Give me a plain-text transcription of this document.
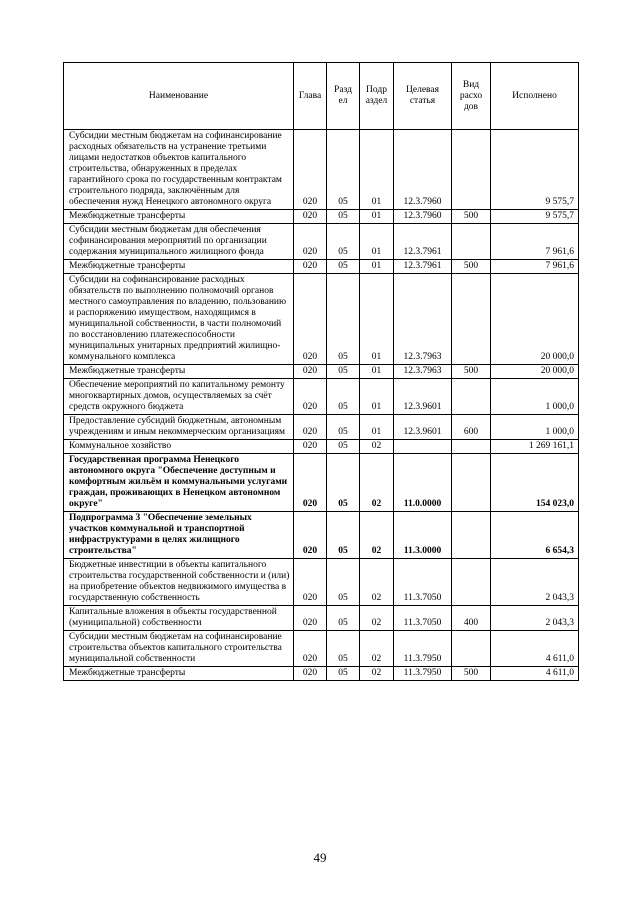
Наименование	Глава	Разд ел	Подр аздел	Целевая статья	Вид расхо дов	Исполнено
Субсидии местным бюджетам на софинансирование расходных обязательств на устранение третьими лицами недостатков объектов капитального строительства, обнаруженных в пределах гарантийного срока по государственным контрактам строительного подряда, заключённым для обеспечения нужд Ненецкого автономного округа	020	05	01	12.3.7960		9 575,7
Межбюджетные трансферты	020	05	01	12.3.7960	500	9 575,7
Субсидии местным бюджетам для обеспечения софинансирования мероприятий по организации содержания муниципального жилищного фонда	020	05	01	12.3.7961		7 961,6
Межбюджетные трансферты	020	05	01	12.3.7961	500	7 961,6
Субсидии на софинансирование расходных обязательств по выполнению полномочий органов местного самоуправления по владению, пользованию и распоряжению имуществом, находящимся в муниципальной собственности, в части полномочий по восстановлению платежеспособности муниципальных унитарных предприятий жилищно-коммунального комплекса	020	05	01	12.3.7963		20 000,0
Межбюджетные трансферты	020	05	01	12.3.7963	500	20 000,0
Обеспечение мероприятий по капитальному ремонту многоквартирных домов, осуществляемых за счёт средств окружного бюджета	020	05	01	12.3.9601		1 000,0
Предоставление субсидий бюджетным, автономным учреждениям и иным некоммерческим организациям	020	05	01	12.3.9601	600	1 000,0
Коммунальное хозяйство	020	05	02			1 269 161,1
Государственная программа Ненецкого автономного округа "Обеспечение доступным и комфортным жильём и коммунальными услугами граждан, проживающих в Ненецком автономном округе"	020	05	02	11.0.0000		154 023,0
Подпрограмма 3 "Обеспечение земельных участков коммунальной и транспортной инфраструктурами в целях жилищного строительства"	020	05	02	11.3.0000		6 654,3
Бюджетные инвестиции в объекты капитального строительства государственной собственности и (или) на приобретение объектов недвижимого имущества в государственную собственность	020	05	02	11.3.7050		2 043,3
Капитальные вложения в объекты государственной (муниципальной) собственности	020	05	02	11.3.7050	400	2 043,3
Субсидии местным бюджетам на софинансирование строительства объектов капитального строительства муниципальной собственности	020	05	02	11.3.7950		4 611,0
Межбюджетные трансферты	020	05	02	11.3.7950	500	4 611,0
49
